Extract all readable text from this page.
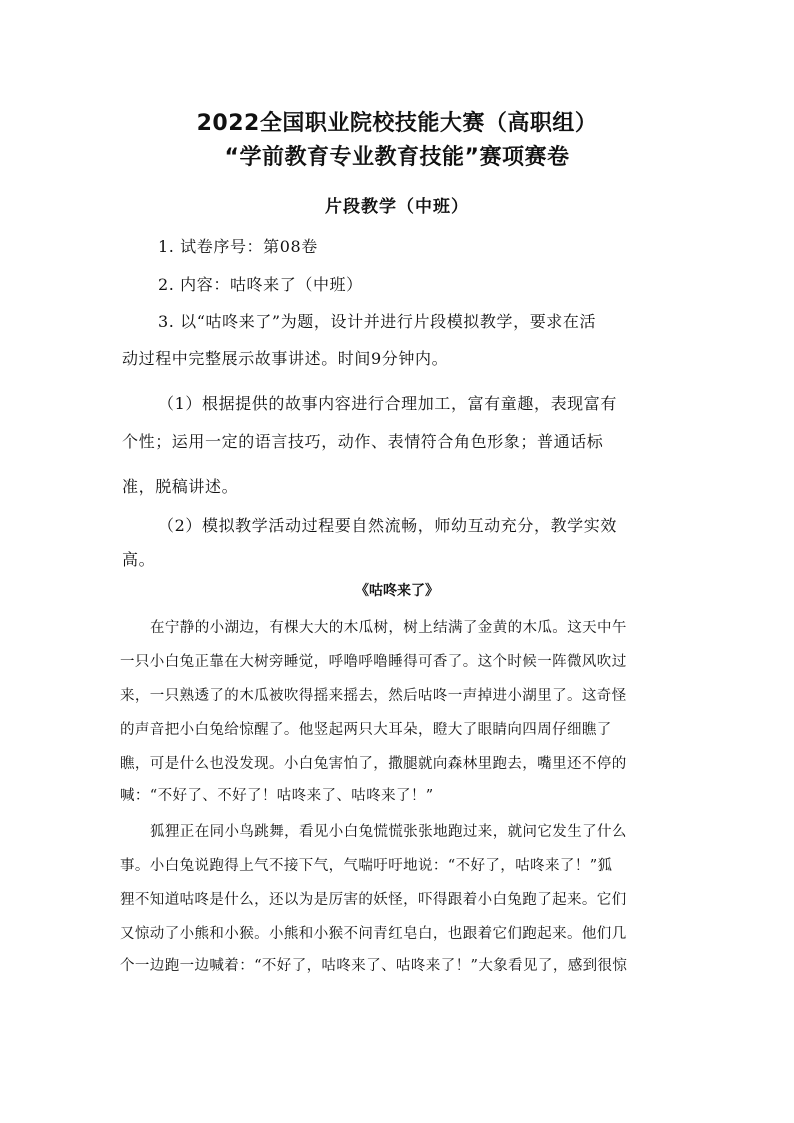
2022全国职业院校技能大赛（高职组）
“学前教育专业教育技能”赛项赛卷
片段教学（中班）
1. 试卷序号：第08卷
2. 内容：咕咚来了（中班）
3. 以“咕咚来了”为题，设计并进行片段模拟教学，要求在活
动过程中完整展示故事讲述。时间9分钟内。
（1）根据提供的故事内容进行合理加工，富有童趣，表现富有
个性；运用一定的语言技巧，动作、表情符合角色形象；普通话标
准，脱稿讲述。
（2）模拟教学活动过程要自然流畅，师幼互动充分，教学实效
高。
《咕咚来了》
在宁静的小湖边，有棵大大的木瓜树，树上结满了金黄的木瓜。这天中午
一只小白兔正靠在大树旁睡觉，呼噜呼噜睡得可香了。这个时候一阵微风吹过
来，一只熟透了的木瓜被吹得摇来摇去，然后咕咚一声掉进小湖里了。这奇怪
的声音把小白兔给惊醒了。他竖起两只大耳朵，瞪大了眼睛向四周仔细瞧了
瞧，可是什么也没发现。小白兔害怕了，撒腿就向森林里跑去，嘴里还不停的
喊：“不好了、不好了！咕咚来了、咕咚来了！”
狐狸正在同小鸟跳舞，看见小白兔慌慌张张地跑过来，就问它发生了什么
事。小白兔说跑得上气不接下气，气喘吁吁地说：“不好了，咕咚来了！”狐
狸不知道咕咚是什么，还以为是厉害的妖怪，吓得跟着小白兔跑了起来。它们
又惊动了小熊和小猴。小熊和小猴不问青红皂白，也跟着它们跑起来。他们几
个一边跑一边喊着：“不好了，咕咚来了、咕咚来了！”大象看见了，感到很惊
